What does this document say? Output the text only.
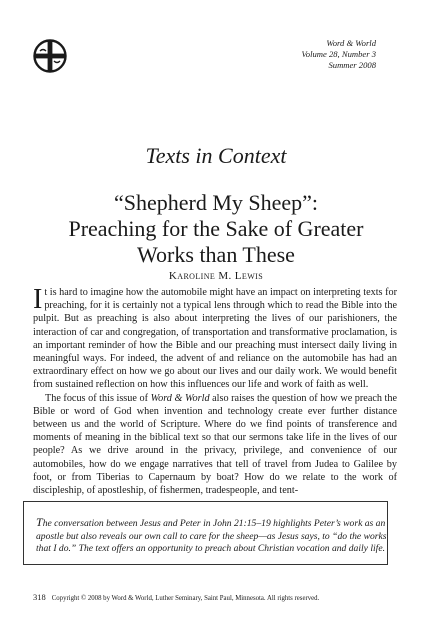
Word & World
Volume 28, Number 3
Summer 2008
Texts in Context
“Shepherd My Sheep”:
Preaching for the Sake of Greater
Works than These
Karoline M. Lewis

It is hard to imagine how the automobile might have an impact on interpreting texts for preaching, for it is certainly not a typical lens through which to read the Bible into the pulpit. But as preaching is also about interpreting the lives of our parishioners, the interaction of car and congregation, of transportation and transformative proclamation, is an important reminder of how the Bible and our preaching must intersect daily living in meaningful ways. For indeed, the advent of and reliance on the automobile has had an extraordinary effect on how we go about our lives and our daily work. We would benefit from sustained reflection on how this influences our life and work of faith as well.

The focus of this issue of Word & World also raises the question of how we preach the Bible or word of God when invention and technology create ever further distance between us and the world of Scripture. Where do we find points of transference and moments of meaning in the biblical text so that our sermons take life in the lives of our people? As we drive around in the privacy, privilege, and convenience of our automobiles, how do we engage narratives that tell of travel from Judea to Galilee by foot, or from Tiberias to Capernaum by boat? How do we relate to the work of discipleship, of apostleship, of fishermen, tradespeople, and tent-

The conversation between Jesus and Peter in John 21:15–19 highlights Peter’s work as an apostle but also reveals our own call to care for the sheep—as Jesus says, to “do the works that I do.” The text offers an opportunity to preach about Christian vocation and daily life.

318 Copyright © 2008 by Word & World, Luther Seminary, Saint Paul, Minnesota. All rights reserved.
